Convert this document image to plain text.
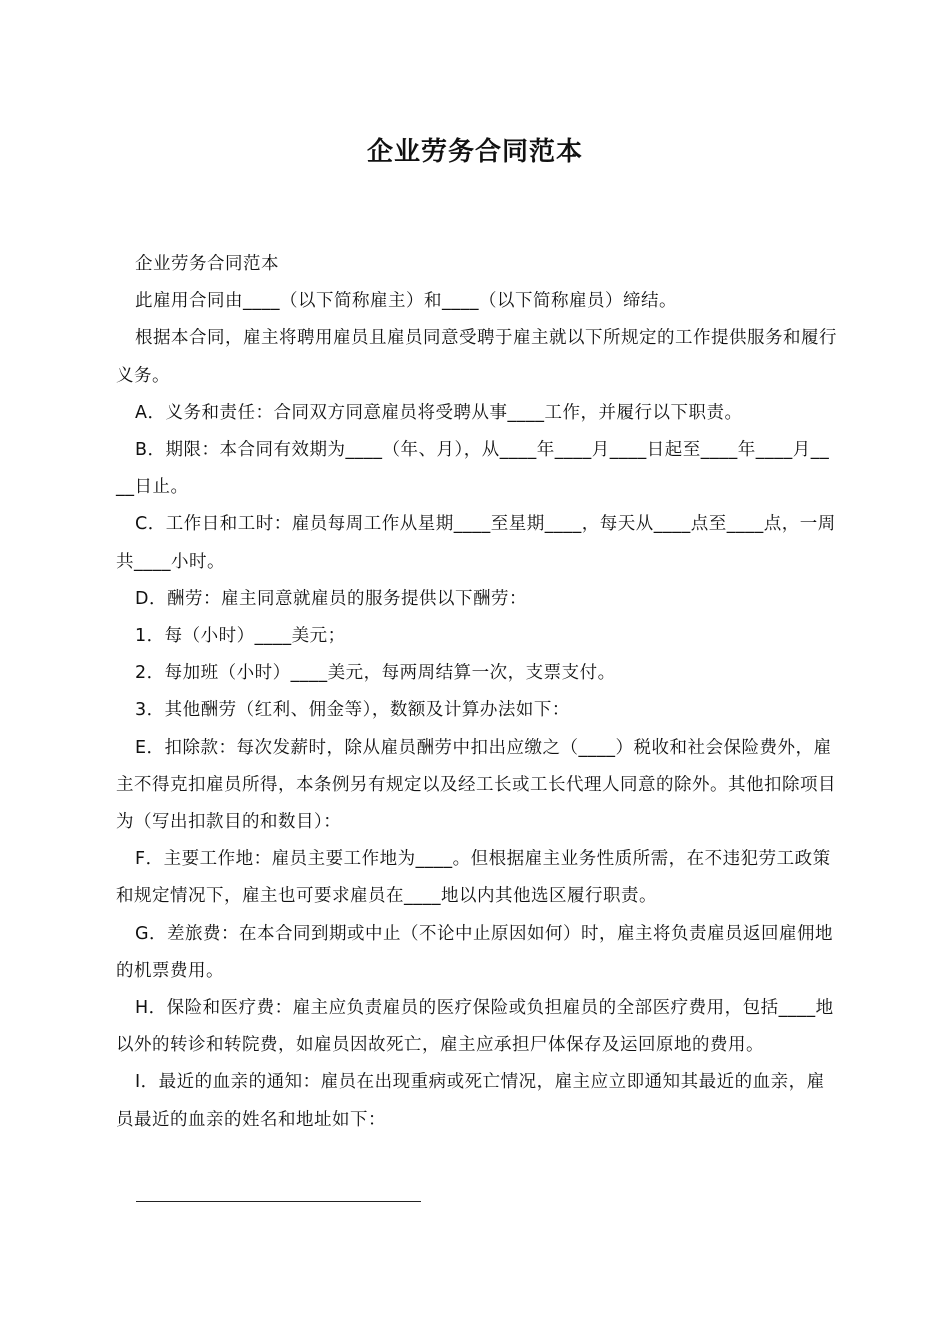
企业劳务合同范本

企业劳务合同范本

此雇用合同由____（以下简称雇主）和____（以下简称雇员）缔结。

根据本合同，雇主将聘用雇员且雇员同意受聘于雇主就以下所规定的工作提供服务和履行义务。

A．义务和责任：合同双方同意雇员将受聘从事____工作，并履行以下职责。

B．期限：本合同有效期为____（年、月），从____年____月____日起至____年____月____日止。

C．工作日和工时：雇员每周工作从星期____至星期____，每天从____点至____点，一周共____小时。

D．酬劳：雇主同意就雇员的服务提供以下酬劳：

1．每（小时）____美元；

2．每加班（小时）____美元，每两周结算一次，支票支付。

3．其他酬劳（红利、佣金等），数额及计算办法如下：

E．扣除款：每次发薪时，除从雇员酬劳中扣出应缴之（____）税收和社会保险费外，雇主不得克扣雇员所得，本条例另有规定以及经工长或工长代理人同意的除外。其他扣除项目为（写出扣款目的和数目）：

F．主要工作地：雇员主要工作地为____。但根据雇主业务性质所需，在不违犯劳工政策和规定情况下，雇主也可要求雇员在____地以内其他选区履行职责。

G．差旅费：在本合同到期或中止（不论中止原因如何）时，雇主将负责雇员返回雇佣地的机票费用。

H．保险和医疗费：雇主应负责雇员的医疗保险或负担雇员的全部医疗费用，包括____地以外的转诊和转院费，如雇员因故死亡，雇主应承担尸体保存及运回原地的费用。

I．最近的血亲的通知：雇员在出现重病或死亡情况，雇主应立即通知其最近的血亲，雇员最近的血亲的姓名和地址如下：
